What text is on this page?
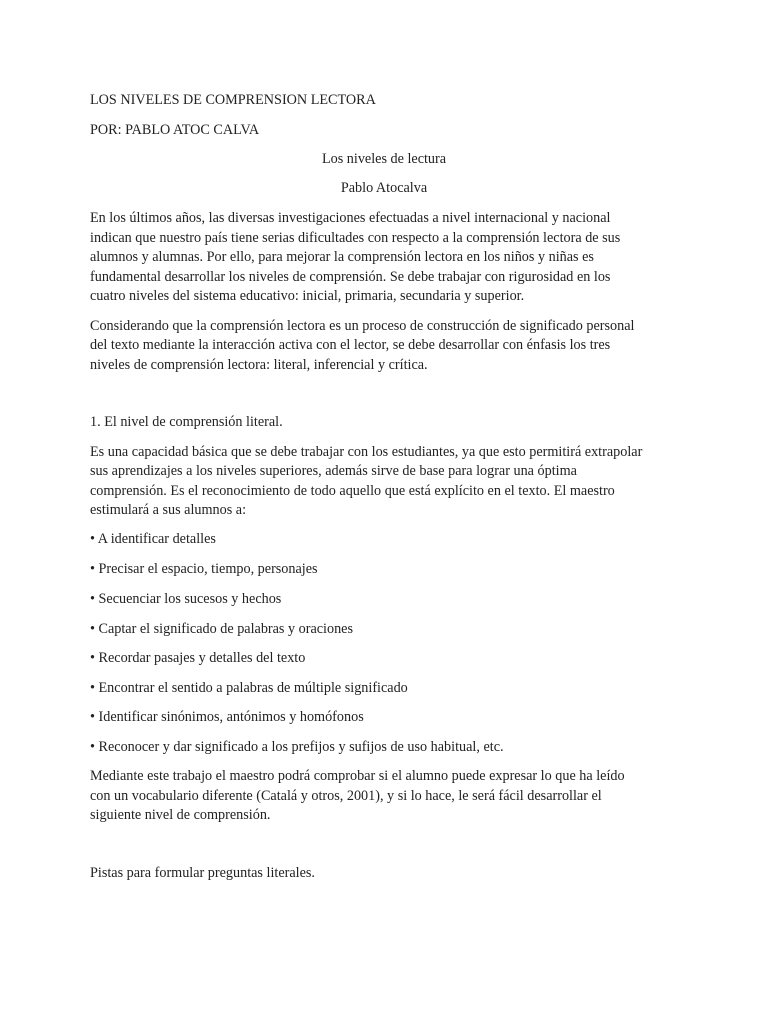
LOS NIVELES DE COMPRENSION LECTORA
POR: PABLO ATOC CALVA
Los niveles de lectura
Pablo Atocalva
En los últimos años, las diversas investigaciones efectuadas a nivel internacional y nacional
indican que nuestro país tiene serias dificultades con respecto a la comprensión lectora de sus
alumnos y alumnas. Por ello, para mejorar la comprensión lectora en los niños y niñas es
fundamental desarrollar los niveles de comprensión. Se debe trabajar con rigurosidad en los
cuatro niveles del sistema educativo: inicial, primaria, secundaria y superior.
Considerando que la comprensión lectora es un proceso de construcción de significado personal
del texto mediante la interacción activa con el lector, se debe desarrollar con énfasis los tres
niveles de comprensión lectora: literal, inferencial y crítica.
1. El nivel de comprensión literal.
Es una capacidad básica que se debe trabajar con los estudiantes, ya que esto permitirá extrapolar
sus aprendizajes a los niveles superiores, además sirve de base para lograr una óptima
comprensión. Es el reconocimiento de todo aquello que está explícito en el texto. El maestro
estimulará a sus alumnos a:
• A identificar detalles
• Precisar el espacio, tiempo, personajes
• Secuenciar los sucesos y hechos
• Captar el significado de palabras y oraciones
• Recordar pasajes y detalles del texto
• Encontrar el sentido a palabras de múltiple significado
• Identificar sinónimos, antónimos y homófonos
• Reconocer y dar significado a los prefijos y sufijos de uso habitual, etc.
Mediante este trabajo el maestro podrá comprobar si el alumno puede expresar lo que ha leído
con un vocabulario diferente (Catalá y otros, 2001), y si lo hace, le será fácil desarrollar el
siguiente nivel de comprensión.
Pistas para formular preguntas literales.
